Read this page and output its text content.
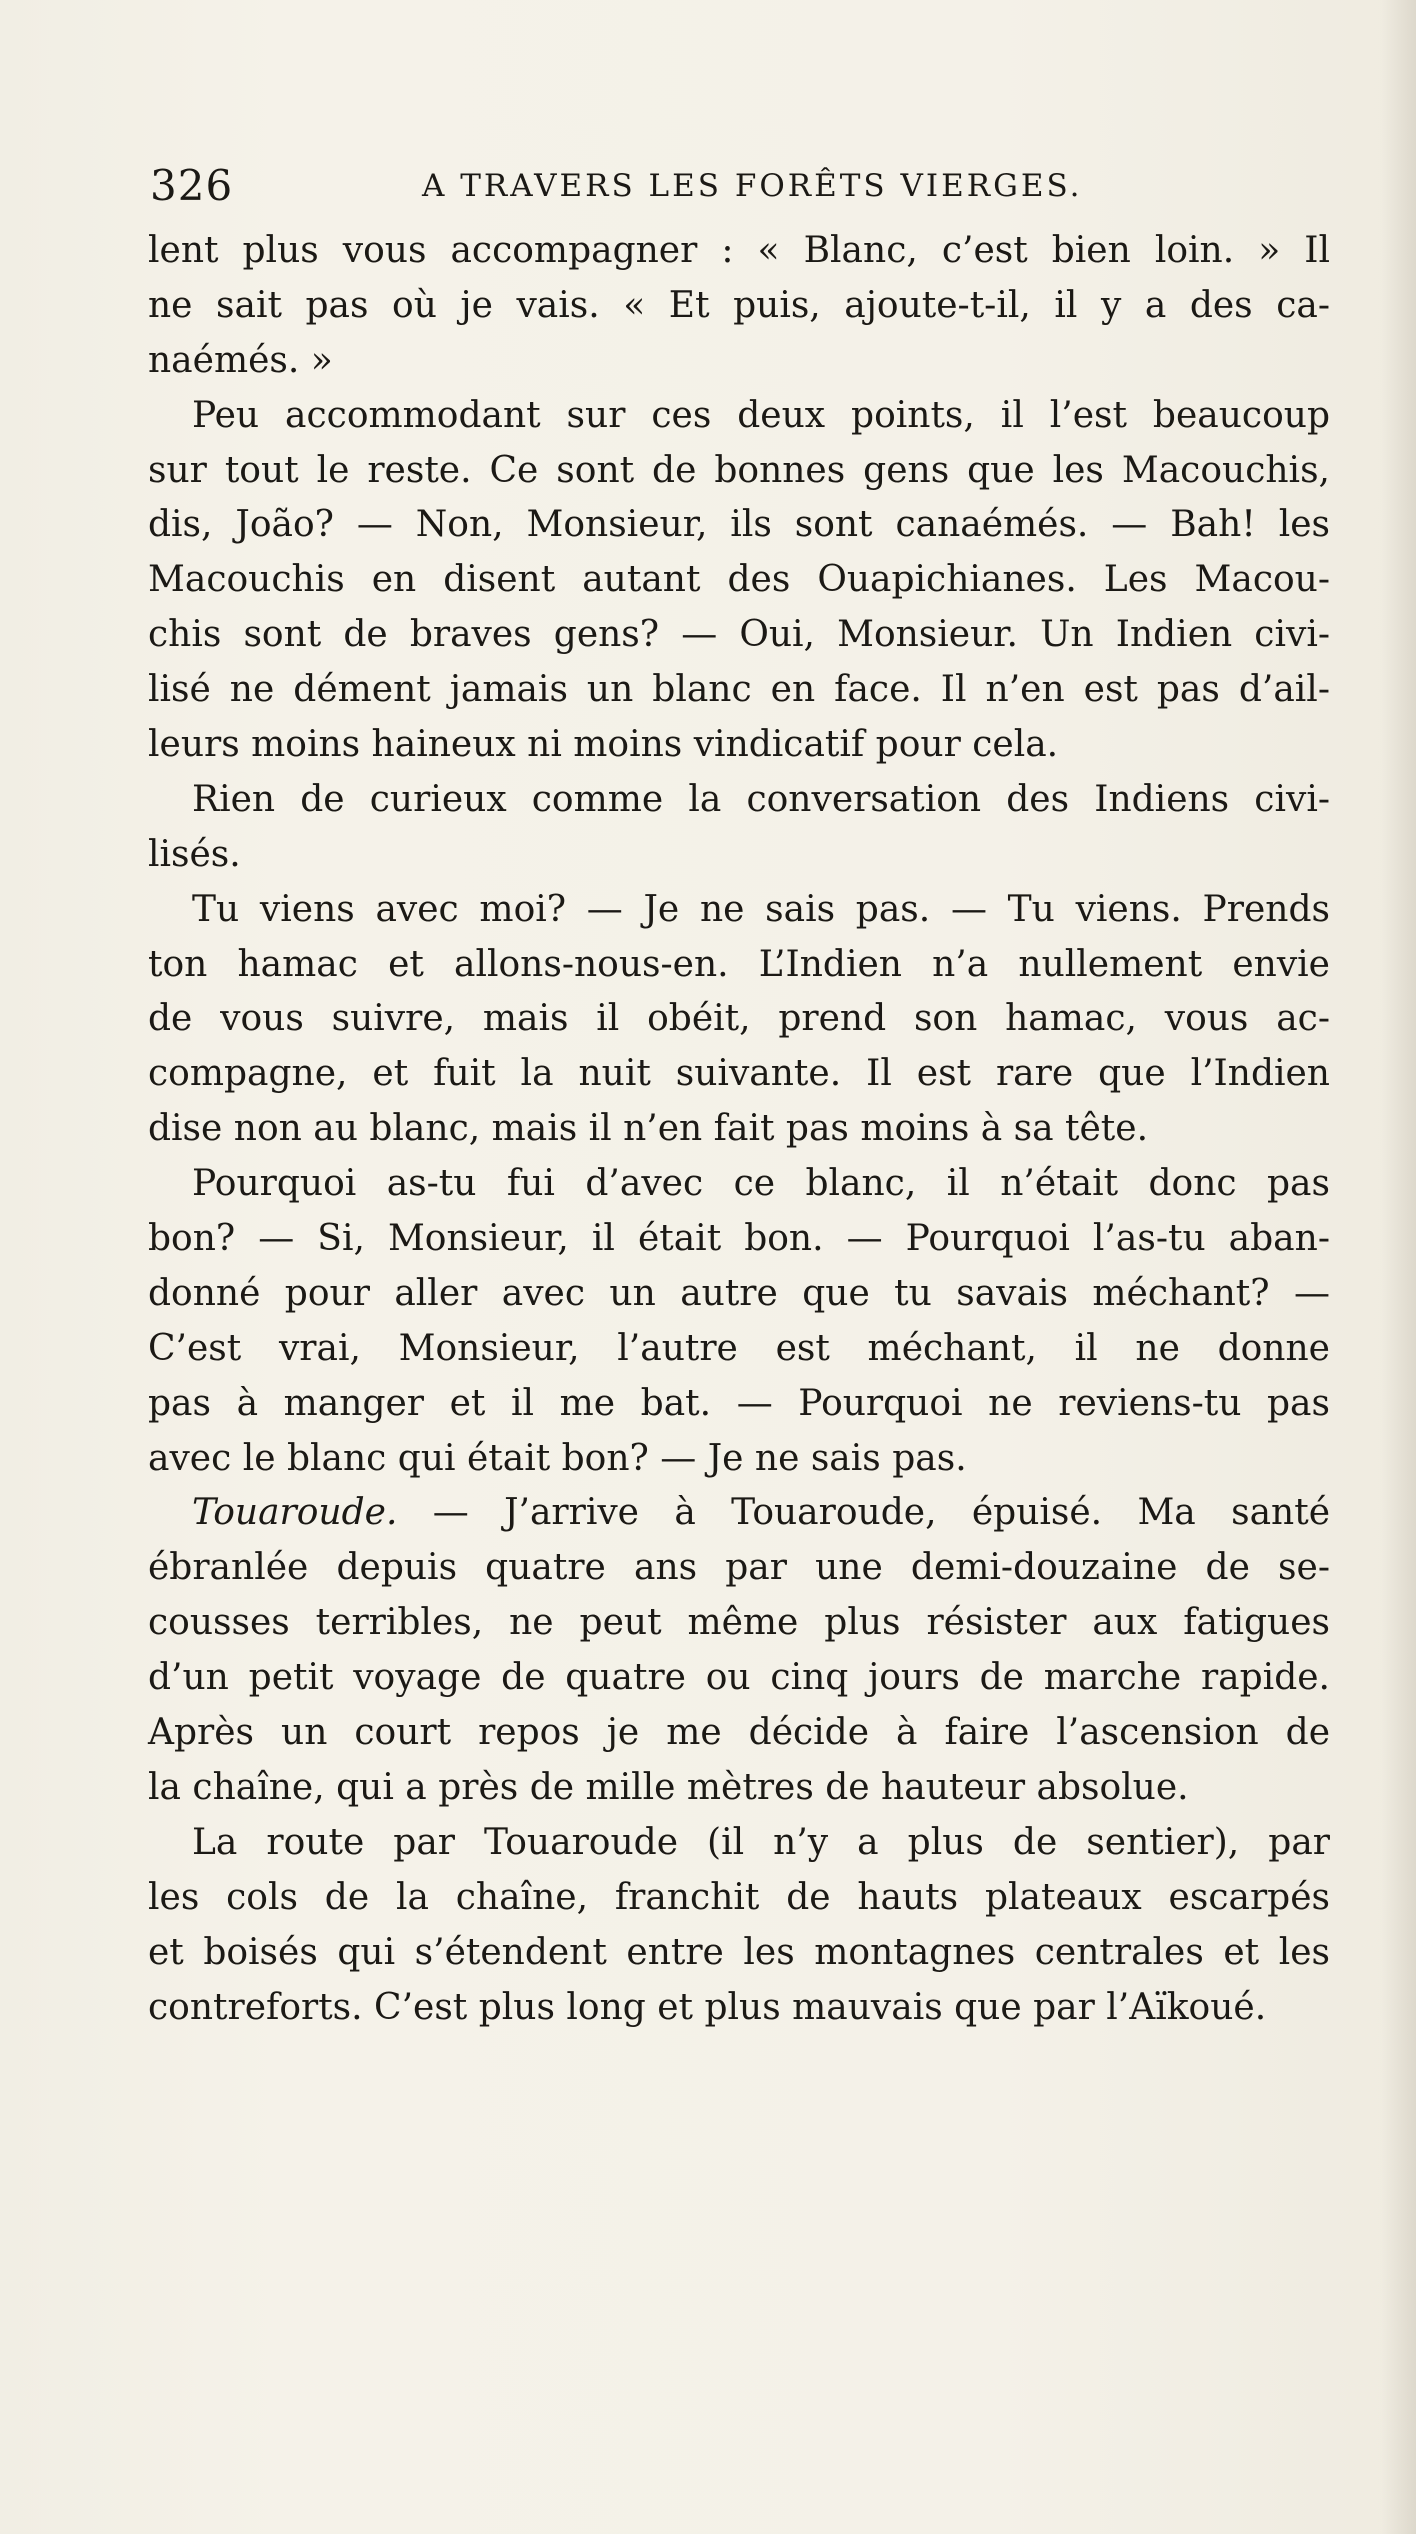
326	A TRAVERS LES FORÊTS VIERGES.
lent plus vous accompagner : « Blanc, c’est bien loin. » Il
ne sait pas où je vais. « Et puis, ajoute-t-il, il y a des ca-
naémés. »
Peu accommodant sur ces deux points, il l’est beaucoup
sur tout le reste. Ce sont de bonnes gens que les Macouchis,
dis, João? — Non, Monsieur, ils sont canaémés. — Bah! les
Macouchis en disent autant des Ouapichianes. Les Macou-
chis sont de braves gens? — Oui, Monsieur. Un Indien civi-
lisé ne dément jamais un blanc en face. Il n’en est pas d’ail-
leurs moins haineux ni moins vindicatif pour cela.
Rien de curieux comme la conversation des Indiens civi-
lisés.
Tu viens avec moi? — Je ne sais pas. — Tu viens. Prends
ton hamac et allons-nous-en. L’Indien n’a nullement envie
de vous suivre, mais il obéit, prend son hamac, vous ac-
compagne, et fuit la nuit suivante. Il est rare que l’Indien
dise non au blanc, mais il n’en fait pas moins à sa tête.
Pourquoi as-tu fui d’avec ce blanc, il n’était donc pas
bon? — Si, Monsieur, il était bon. — Pourquoi l’as-tu aban-
donné pour aller avec un autre que tu savais méchant? —
C’est vrai, Monsieur, l’autre est méchant, il ne donne
pas à manger et il me bat. — Pourquoi ne reviens-tu pas
avec le blanc qui était bon? — Je ne sais pas.
Touaroude. — J’arrive à Touaroude, épuisé. Ma santé
ébranlée depuis quatre ans par une demi-douzaine de se-
cousses terribles, ne peut même plus résister aux fatigues
d’un petit voyage de quatre ou cinq jours de marche rapide.
Après un court repos je me décide à faire l’ascension de
la chaîne, qui a près de mille mètres de hauteur absolue.
La route par Touaroude (il n’y a plus de sentier), par
les cols de la chaîne, franchit de hauts plateaux escarpés
et boisés qui s’étendent entre les montagnes centrales et les
contreforts. C’est plus long et plus mauvais que par l’Aïkoué.
